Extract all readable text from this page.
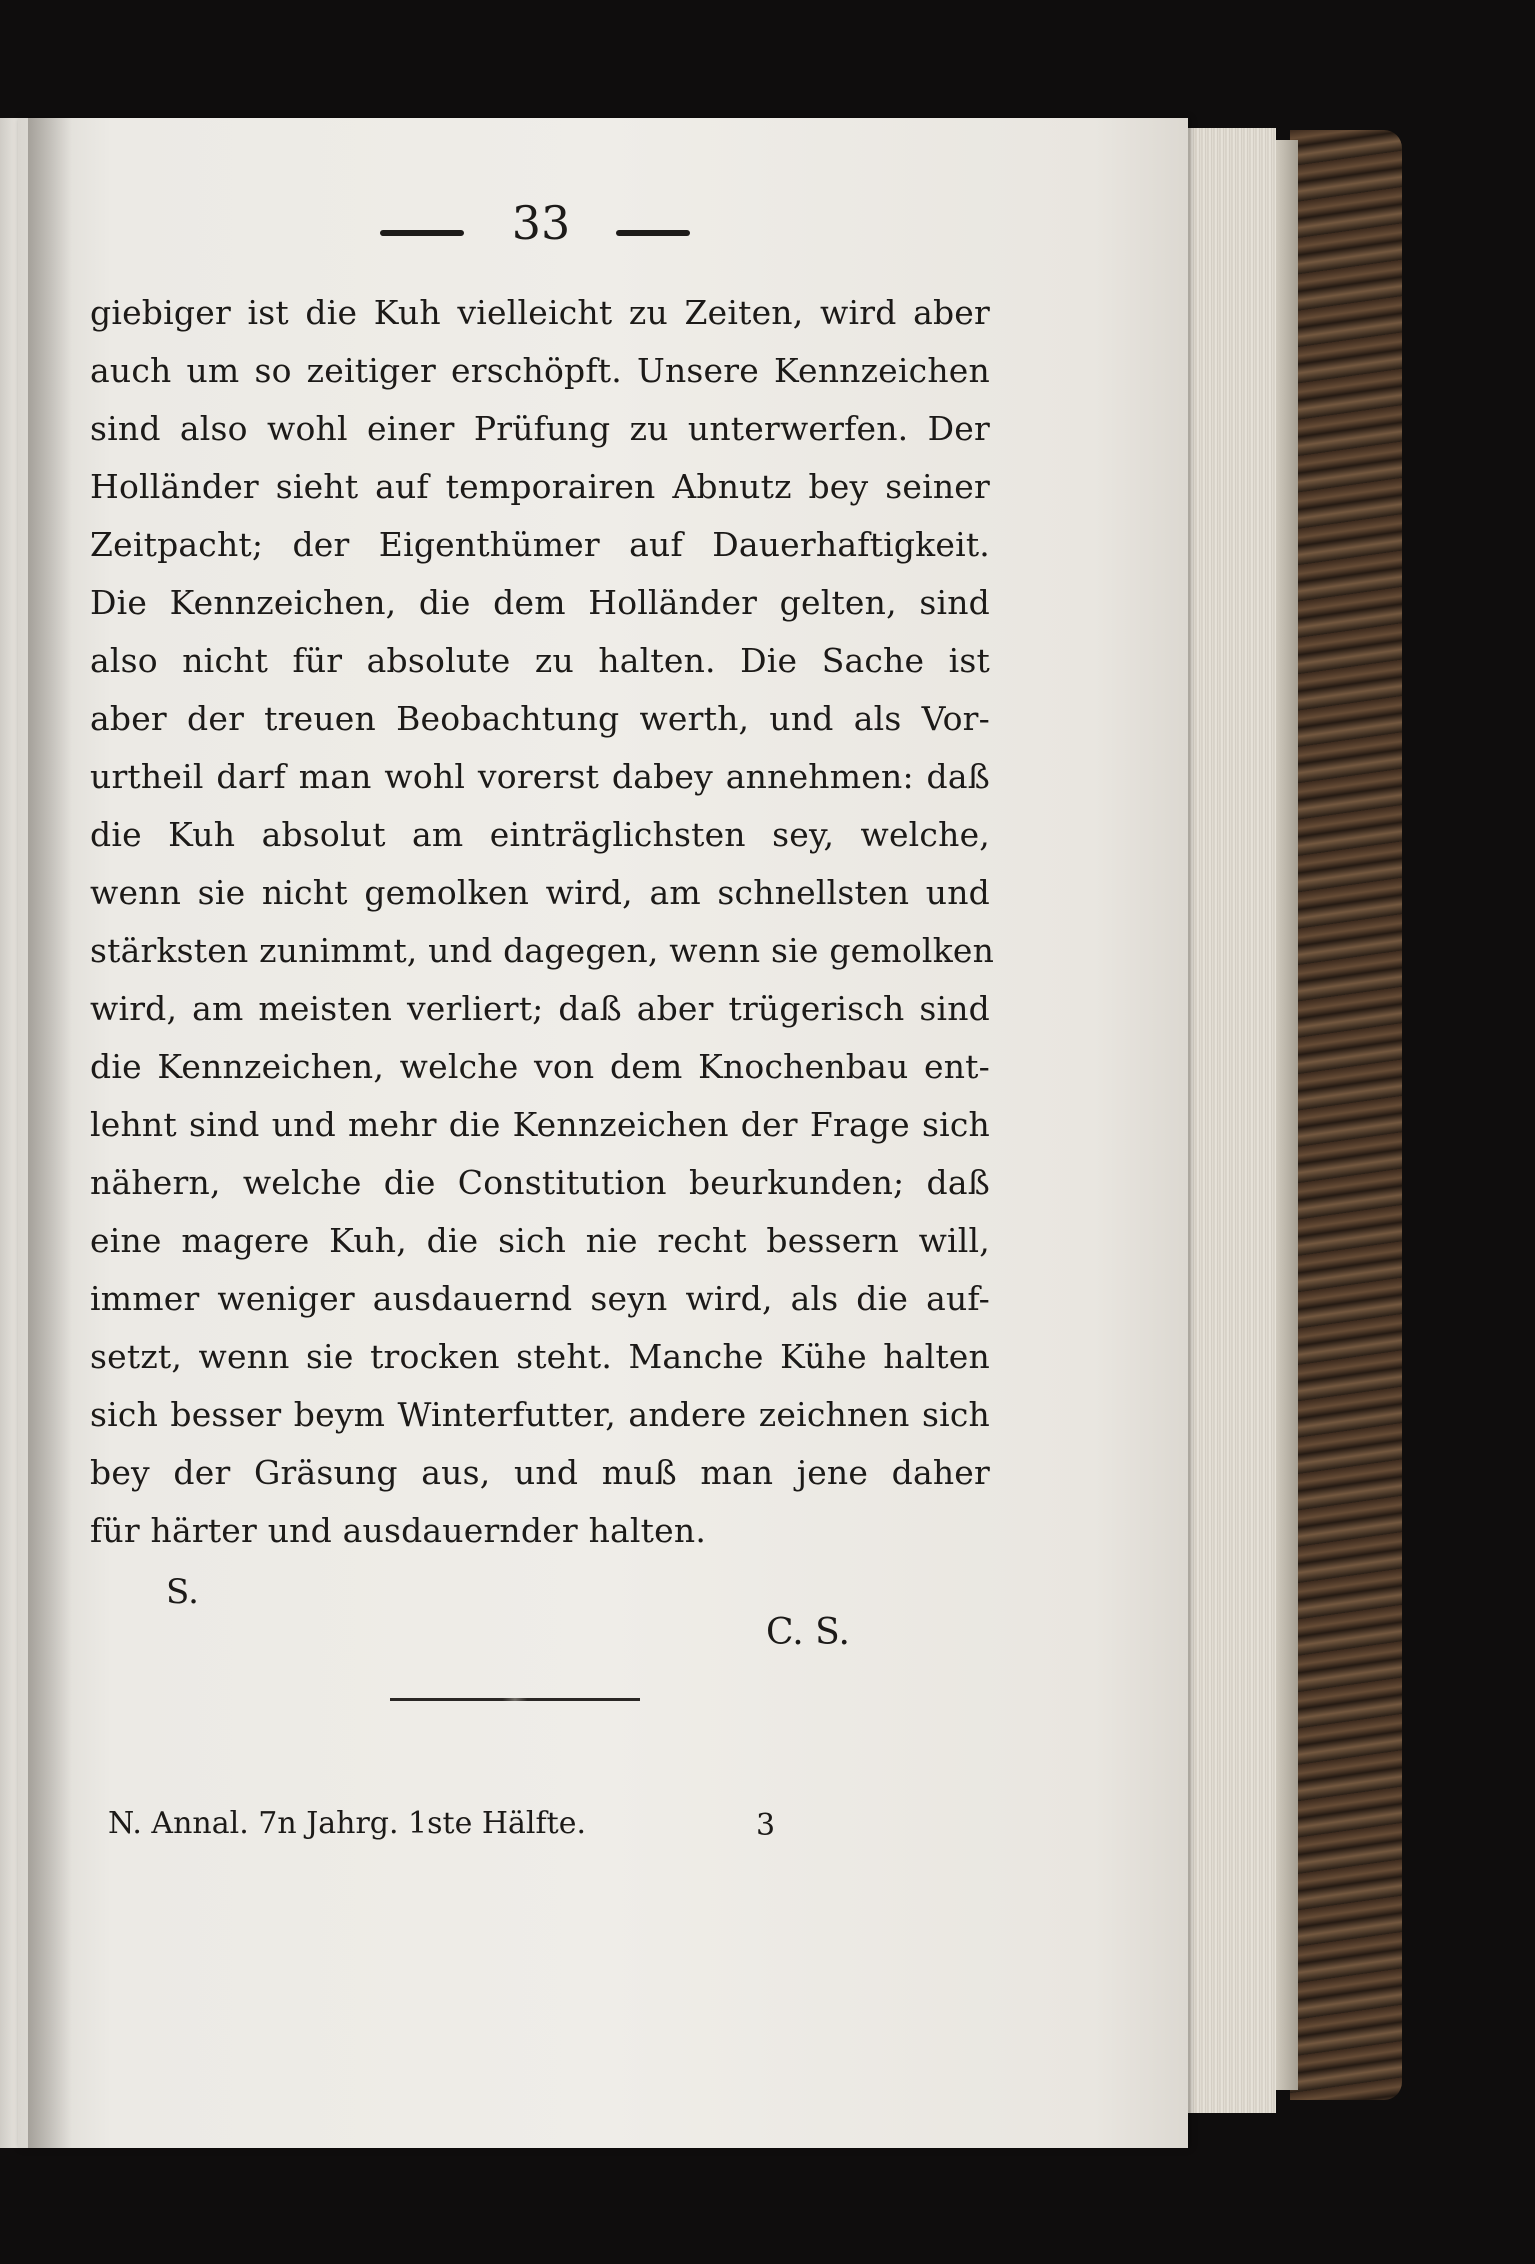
33
giebiger ist die Kuh vielleicht zu Zeiten, wird aber
auch um so zeitiger erschöpft. Unsere Kennzeichen
sind also wohl einer Prüfung zu unterwerfen. Der
Holländer sieht auf temporairen Abnutz bey seiner
Zeitpacht; der Eigenthümer auf Dauerhaftigkeit.
Die Kennzeichen, die dem Holländer gelten, sind
also nicht für absolute zu halten. Die Sache ist
aber der treuen Beobachtung werth, und als Vor-
urtheil darf man wohl vorerst dabey annehmen: daß
die Kuh absolut am einträglichsten sey, welche,
wenn sie nicht gemolken wird, am schnellsten und
stärksten zunimmt, und dagegen, wenn sie gemolken
wird, am meisten verliert; daß aber trügerisch sind
die Kennzeichen, welche von dem Knochenbau ent-
lehnt sind und mehr die Kennzeichen der Frage sich
nähern, welche die Constitution beurkunden; daß
eine magere Kuh, die sich nie recht bessern will,
immer weniger ausdauernd seyn wird, als die auf-
setzt, wenn sie trocken steht. Manche Kühe halten
sich besser beym Winterfutter, andere zeichnen sich
bey der Gräsung aus, und muß man jene daher
für härter und ausdauernder halten.
S.
C. S.
N. Annal. 7n Jahrg. 1ste Hälfte.	3
